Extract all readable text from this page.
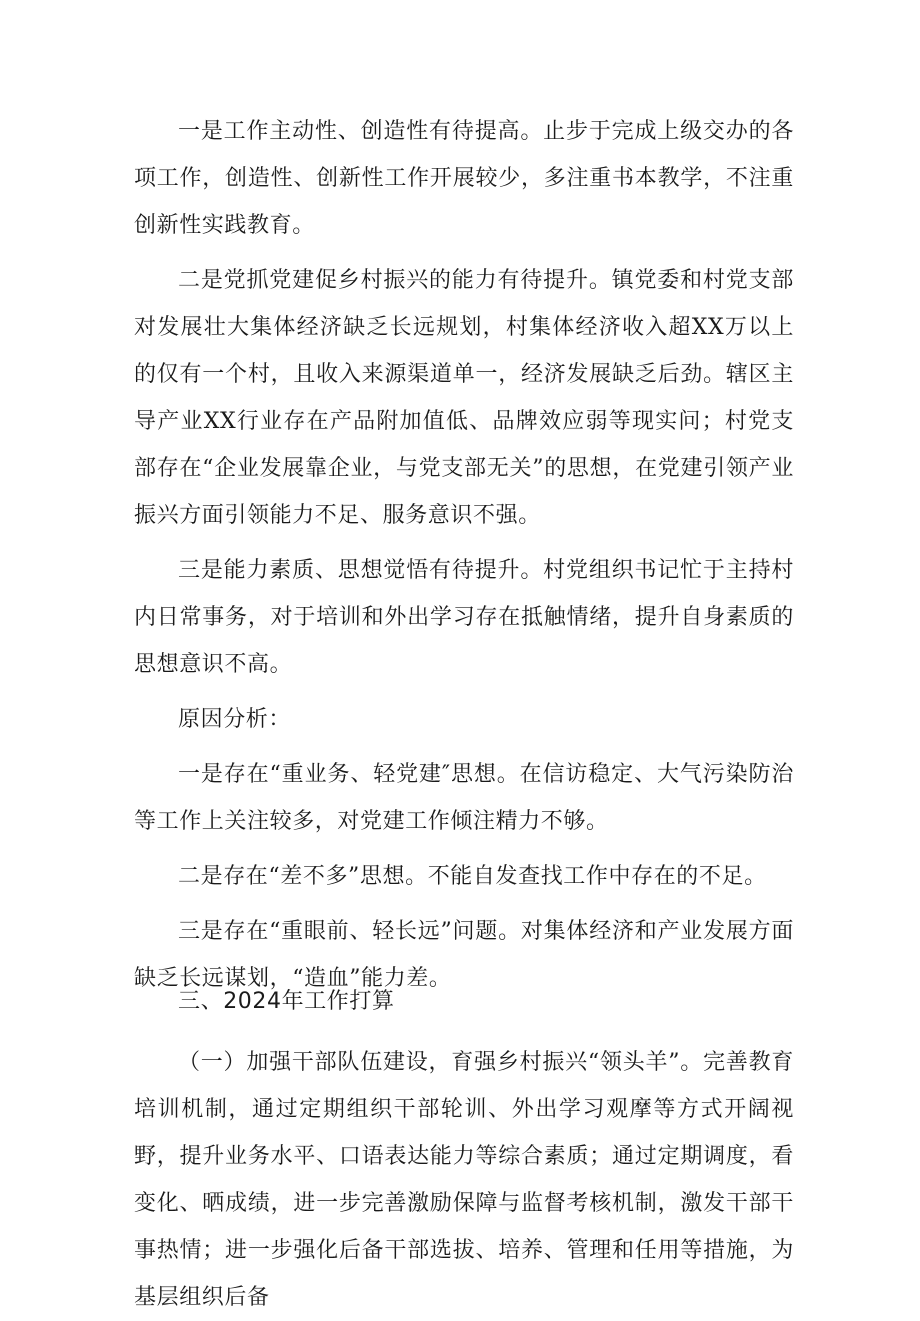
一是工作主动性、创造性有待提高。止步于完成上级交办的各项工作，创造性、创新性工作开展较少，多注重书本教学，不注重创新性实践教育。

二是党抓党建促乡村振兴的能力有待提升。镇党委和村党支部对发展壮大集体经济缺乏长远规划，村集体经济收入超XX万以上的仅有一个村，且收入来源渠道单一，经济发展缺乏后劲。辖区主导产业XX行业存在产品附加值低、品牌效应弱等现实问；村党支部存在“企业发展靠企业，与党支部无关”的思想，在党建引领产业振兴方面引领能力不足、服务意识不强。

三是能力素质、思想觉悟有待提升。村党组织书记忙于主持村内日常事务，对于培训和外出学习存在抵触情绪，提升自身素质的思想意识不高。

原因分析：

一是存在“重业务、轻党建″思想。在信访稳定、大气污染防治等工作上关注较多，对党建工作倾注精力不够。

二是存在“差不多”思想。不能自发查找工作中存在的不足。

三是存在“重眼前、轻长远”问题。对集体经济和产业发展方面缺乏长远谋划，“造血”能力差。

三、2024年工作打算

（一）加强干部队伍建设，育强乡村振兴“领头羊”。完善教育培训机制，通过定期组织干部轮训、外出学习观摩等方式开阔视野，提升业务水平、口语表达能力等综合素质；通过定期调度，看变化、晒成绩，进一步完善激励保障与监督考核机制，激发干部干事热情；进一步强化后备干部选拔、培养、管理和任用等措施，为基层组织后备
